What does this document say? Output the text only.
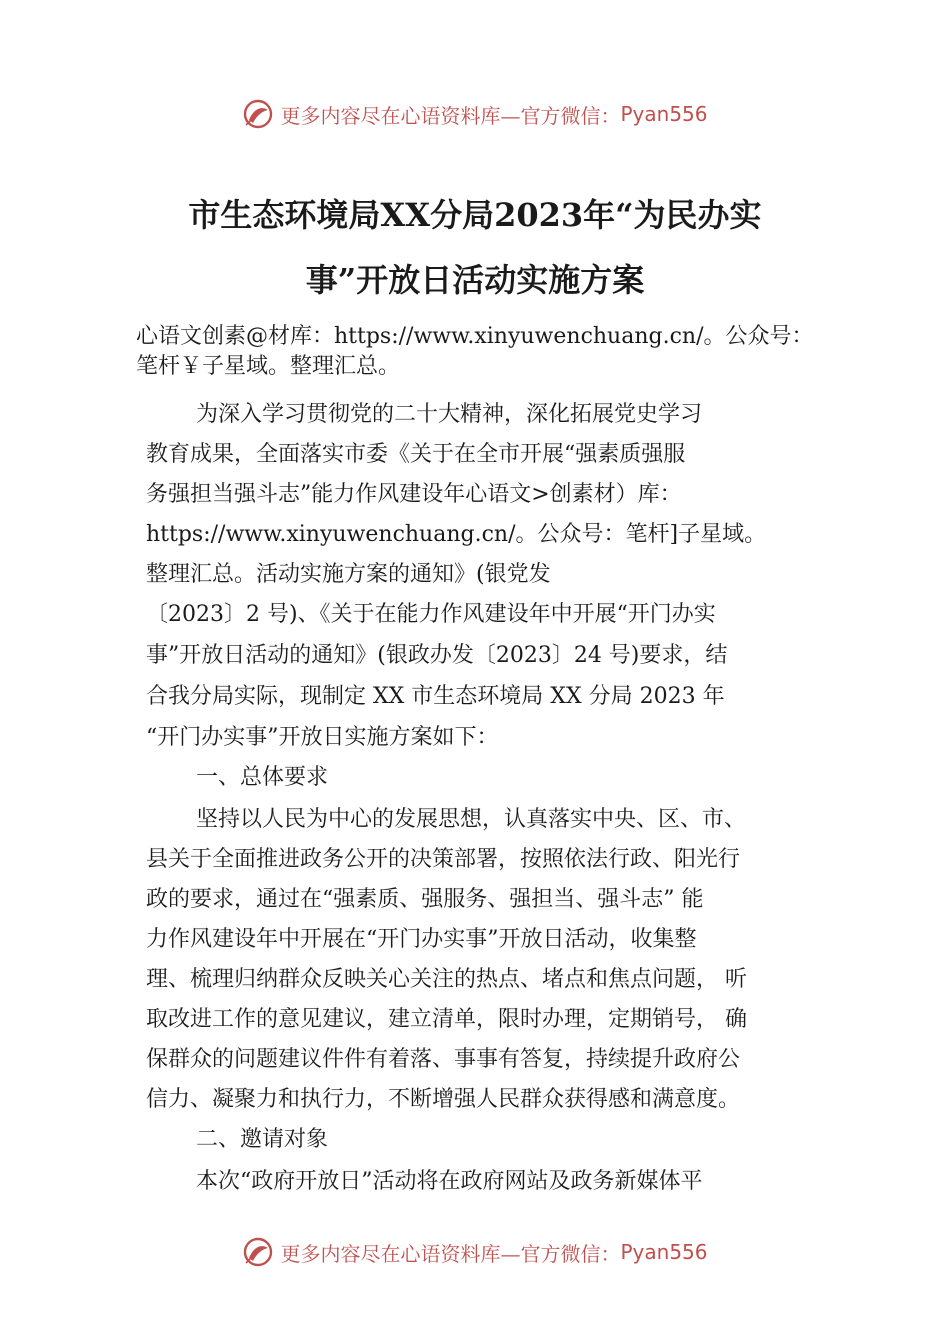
更多内容尽在心语资料库—官方微信： Pyan556
市生态环境局XX分局2023年“为民办实
事”开放日活动实施方案

心语文创素@材库：https://www.xinyuwenchuang.cn/。公众号：

笔杆￥子星域。整理汇总。

为深入学习贯彻党的二十大精神，深化拓展党史学习

教育成果，全面落实市委《关于在全市开展“强素质强服

务强担当强斗志”能力作风建设年心语文>创素材）库：

https://www.xinyuwenchuang.cn/。公众号：笔杆]子星域。

整理汇总。活动实施方案的通知》(银党发

〔2023〕2 号)、《关于在能力作风建设年中开展“开门办实

事”开放日活动的通知》(银政办发〔2023〕24 号)要求，结

合我分局实际，现制定 XX 市生态环境局 XX 分局 2023 年

“开门办实事”开放日实施方案如下：

一、总体要求

坚持以人民为中心的发展思想，认真落实中央、区、市、

县关于全面推进政务公开的决策部署，按照依法行政、阳光行

政的要求，通过在“强素质、强服务、强担当、强斗志” 能

力作风建设年中开展在“开门办实事”开放日活动，收集整

理、梳理归纳群众反映关心关注的热点、堵点和焦点问题， 听

取改进工作的意见建议，建立清单，限时办理，定期销号， 确

保群众的问题建议件件有着落、事事有答复，持续提升政府公

信力、凝聚力和执行力，不断增强人民群众获得感和满意度。

二、邀请对象

本次“政府开放日”活动将在政府网站及政务新媒体平

更多内容尽在心语资料库—官方微信： Pyan556
